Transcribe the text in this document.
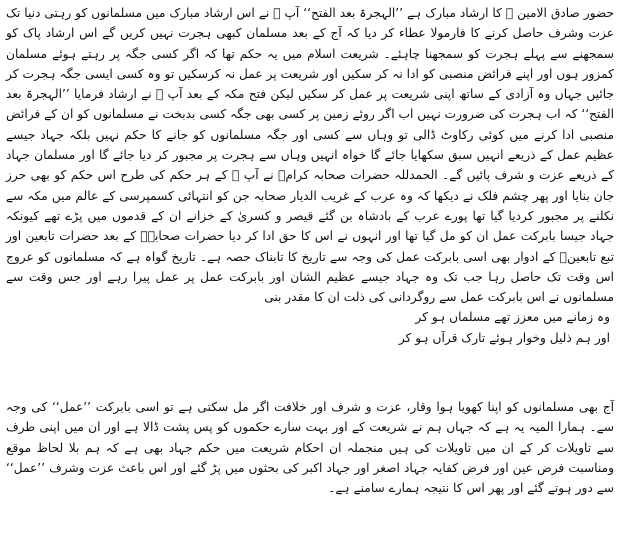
حضور صادق الامین ﷺ کا ارشاد مبارک ہے ’’الہجرۃ بعد الفتح‘‘ آپ ﷺ نے اس ارشاد مبارک میں مسلمانوں کو رہتی دنیا تک عزت وشرف حاصل کرنے کا فارمولا عطاء کر دیا کہ آج کے بعد مسلمان کبھی ہجرت نہیں کریں گے اس ارشاد پاک کو سمجھنے سے پہلے ہجرت کو سمجھنا چاہئے۔ شریعت اسلام میں یہ حکم تھا کہ اگر کسی جگہ پر رہتے ہوئے مسلمان کمزور ہوں اور اپنے فرائض منصبی کو ادا نہ کر سکیں اور شریعت پر عمل نہ کرسکیں تو وہ کسی ایسی جگہ ہجرت کر جائیں جہاں وہ آزادی کے ساتھ اپنی شریعت پر عمل کر سکیں لیکن فتح مکہ کے بعد آپ ﷺ نے ارشاد فرمایا ’’الہجرۃ بعد الفتح‘‘ کہ اب ہجرت کی ضرورت نہیں اب اگر روئے زمین پر کسی بھی جگہ کسی بدبخت نے مسلمانوں کو ان کے فرائض منصبی ادا کرنے میں کوئی رکاوٹ ڈالی تو وہاں سے کسی اور جگہ مسلمانوں کو جانے کا حکم نہیں بلکہ جہاد جیسے عظیم عمل کے ذریعے انہیں سبق سکھایا جائے گا خواہ انہیں وہاں سے ہجرت پر مجبور کر دیا جائے گا اور مسلمان جہاد کے ذریعے عزت و شرف پائیں گے۔ الحمدللہ حضرات صحابہ کرامؓ نے آپ ﷺ کے ہر حکم کی طرح اس حکم کو بھی حرز جان بنایا اور پھر چشم فلک نے دیکھا کہ وہ عرب کے غریب الدیار صحابہ جن کو انتہائی کسمپرسی کے عالم میں مکہ سے نکلنے پر مجبور کردیا گیا تھا پورے عرب کے بادشاہ بن گئے قیصر و کسریٰ کے خزانے ان کے قدموں میں پڑے تھے کیونکہ جہاد جیسا بابرکت عمل ان کو مل گیا تھا اور انہوں نے اس کا حق ادا کر دیا حضرات صحابہؓ کے بعد حضرات تابعین اور تبع تابعینؒ کے ادوار بھی اسی بابرکت عمل کی وجہ سے تاریخ کا تابناک حصہ ہے۔ تاریخ گواہ ہے کہ مسلمانوں کو عروج اس وقت تک حاصل رہا جب تک وہ جہاد جیسے عظیم الشان اور بابرکت عمل پر عمل پیرا رہے اور جس وقت سے مسلمانوں نے اس بابرکت عمل سے روگردانی کی ذلت ان کا مقدر بنی

وہ زمانے میں معزز تھے مسلماں ہو کر
اور ہم ذلیل وخوار ہوئے تارک قرآں ہو کر

آج بھی مسلمانوں کو اپنا کھویا ہوا وقار، عزت و شرف اور خلافت اگر مل سکتی ہے تو اسی بابرکت ’’عمل‘‘ کی وجہ سے۔ ہمارا المیہ یہ ہے کہ جہاں ہم نے شریعت کے اور بہت سارے حکموں کو پس پشت ڈالا ہے اور ان میں اپنی طرف سے تاویلات کر کے ان میں تاویلات کی ہیں منجملہ ان احکام شریعت میں حکم جہاد بھی ہے کہ ہم بلا لحاظ موقع ومناسبت فرض عین اور فرض کفایہ جہاد اصغر اور جہاد اکبر کی بحثوں میں پڑ گئے اور اس باعث عزت وشرف ’’عمل‘‘ سے دور ہوتے گئے اور پھر اس کا نتیجہ ہمارے سامنے ہے۔
